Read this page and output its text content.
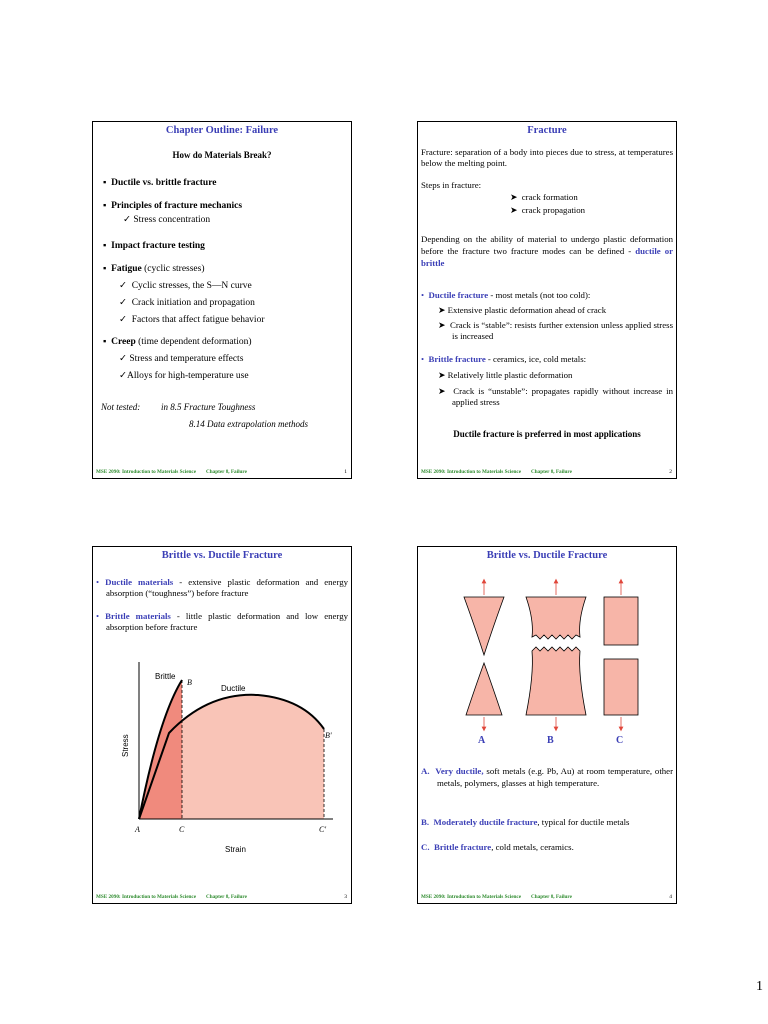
Chapter Outline: Failure
How do Materials Break?
▪  Ductile vs. brittle fracture
▪  Principles of fracture mechanics
✓ Stress concentration
▪  Impact fracture testing
▪  Fatigue (cyclic stresses)
✓  Cyclic stresses, the S—N curve
✓  Crack initiation and propagation
✓  Factors that affect fatigue behavior
▪  Creep (time dependent deformation)
✓ Stress and temperature effects
✓Alloys for high-temperature use
Not tested: in 8.5 Fracture Toughness
8.14 Data extrapolation methods
MSE 2090: Introduction to Materials Science Chapter 8, Failure	1
Fracture
Fracture: separation of a body into pieces due to stress, at temperatures below the melting point.
Steps in fracture:
➤  crack formation
➤  crack propagation
Depending on the ability of material to undergo plastic deformation before the fracture two fracture modes can be defined - ductile or brittle
• Ductile fracture - most metals (not too cold):
➤ Extensive plastic deformation ahead of crack
➤  Crack is “stable”: resists further extension unless applied stress is increased
• Brittle fracture - ceramics, ice, cold metals:
➤ Relatively little plastic deformation
➤  Crack is “unstable”: propagates rapidly without increase in applied stress
Ductile fracture is preferred in most applications
MSE 2090: Introduction to Materials Science Chapter 8, Failure	2
Brittle vs. Ductile Fracture
• Ductile materials - extensive plastic deformation and energy absorption (“toughness”) before fracture
• Brittle materials - little plastic deformation and low energy absorption before fracture
Brittle
Ductile
B
B'
A	C	C'
Strain
Stress
MSE 2090: Introduction to Materials Science Chapter 8, Failure	3
Brittle vs. Ductile Fracture
A	B	C
A. Very ductile, soft metals (e.g. Pb, Au) at room temperature, other metals, polymers, glasses at high temperature.
B. Moderately ductile fracture, typical for ductile metals
C. Brittle fracture, cold metals, ceramics.
MSE 2090: Introduction to Materials Science Chapter 8, Failure	4
1
